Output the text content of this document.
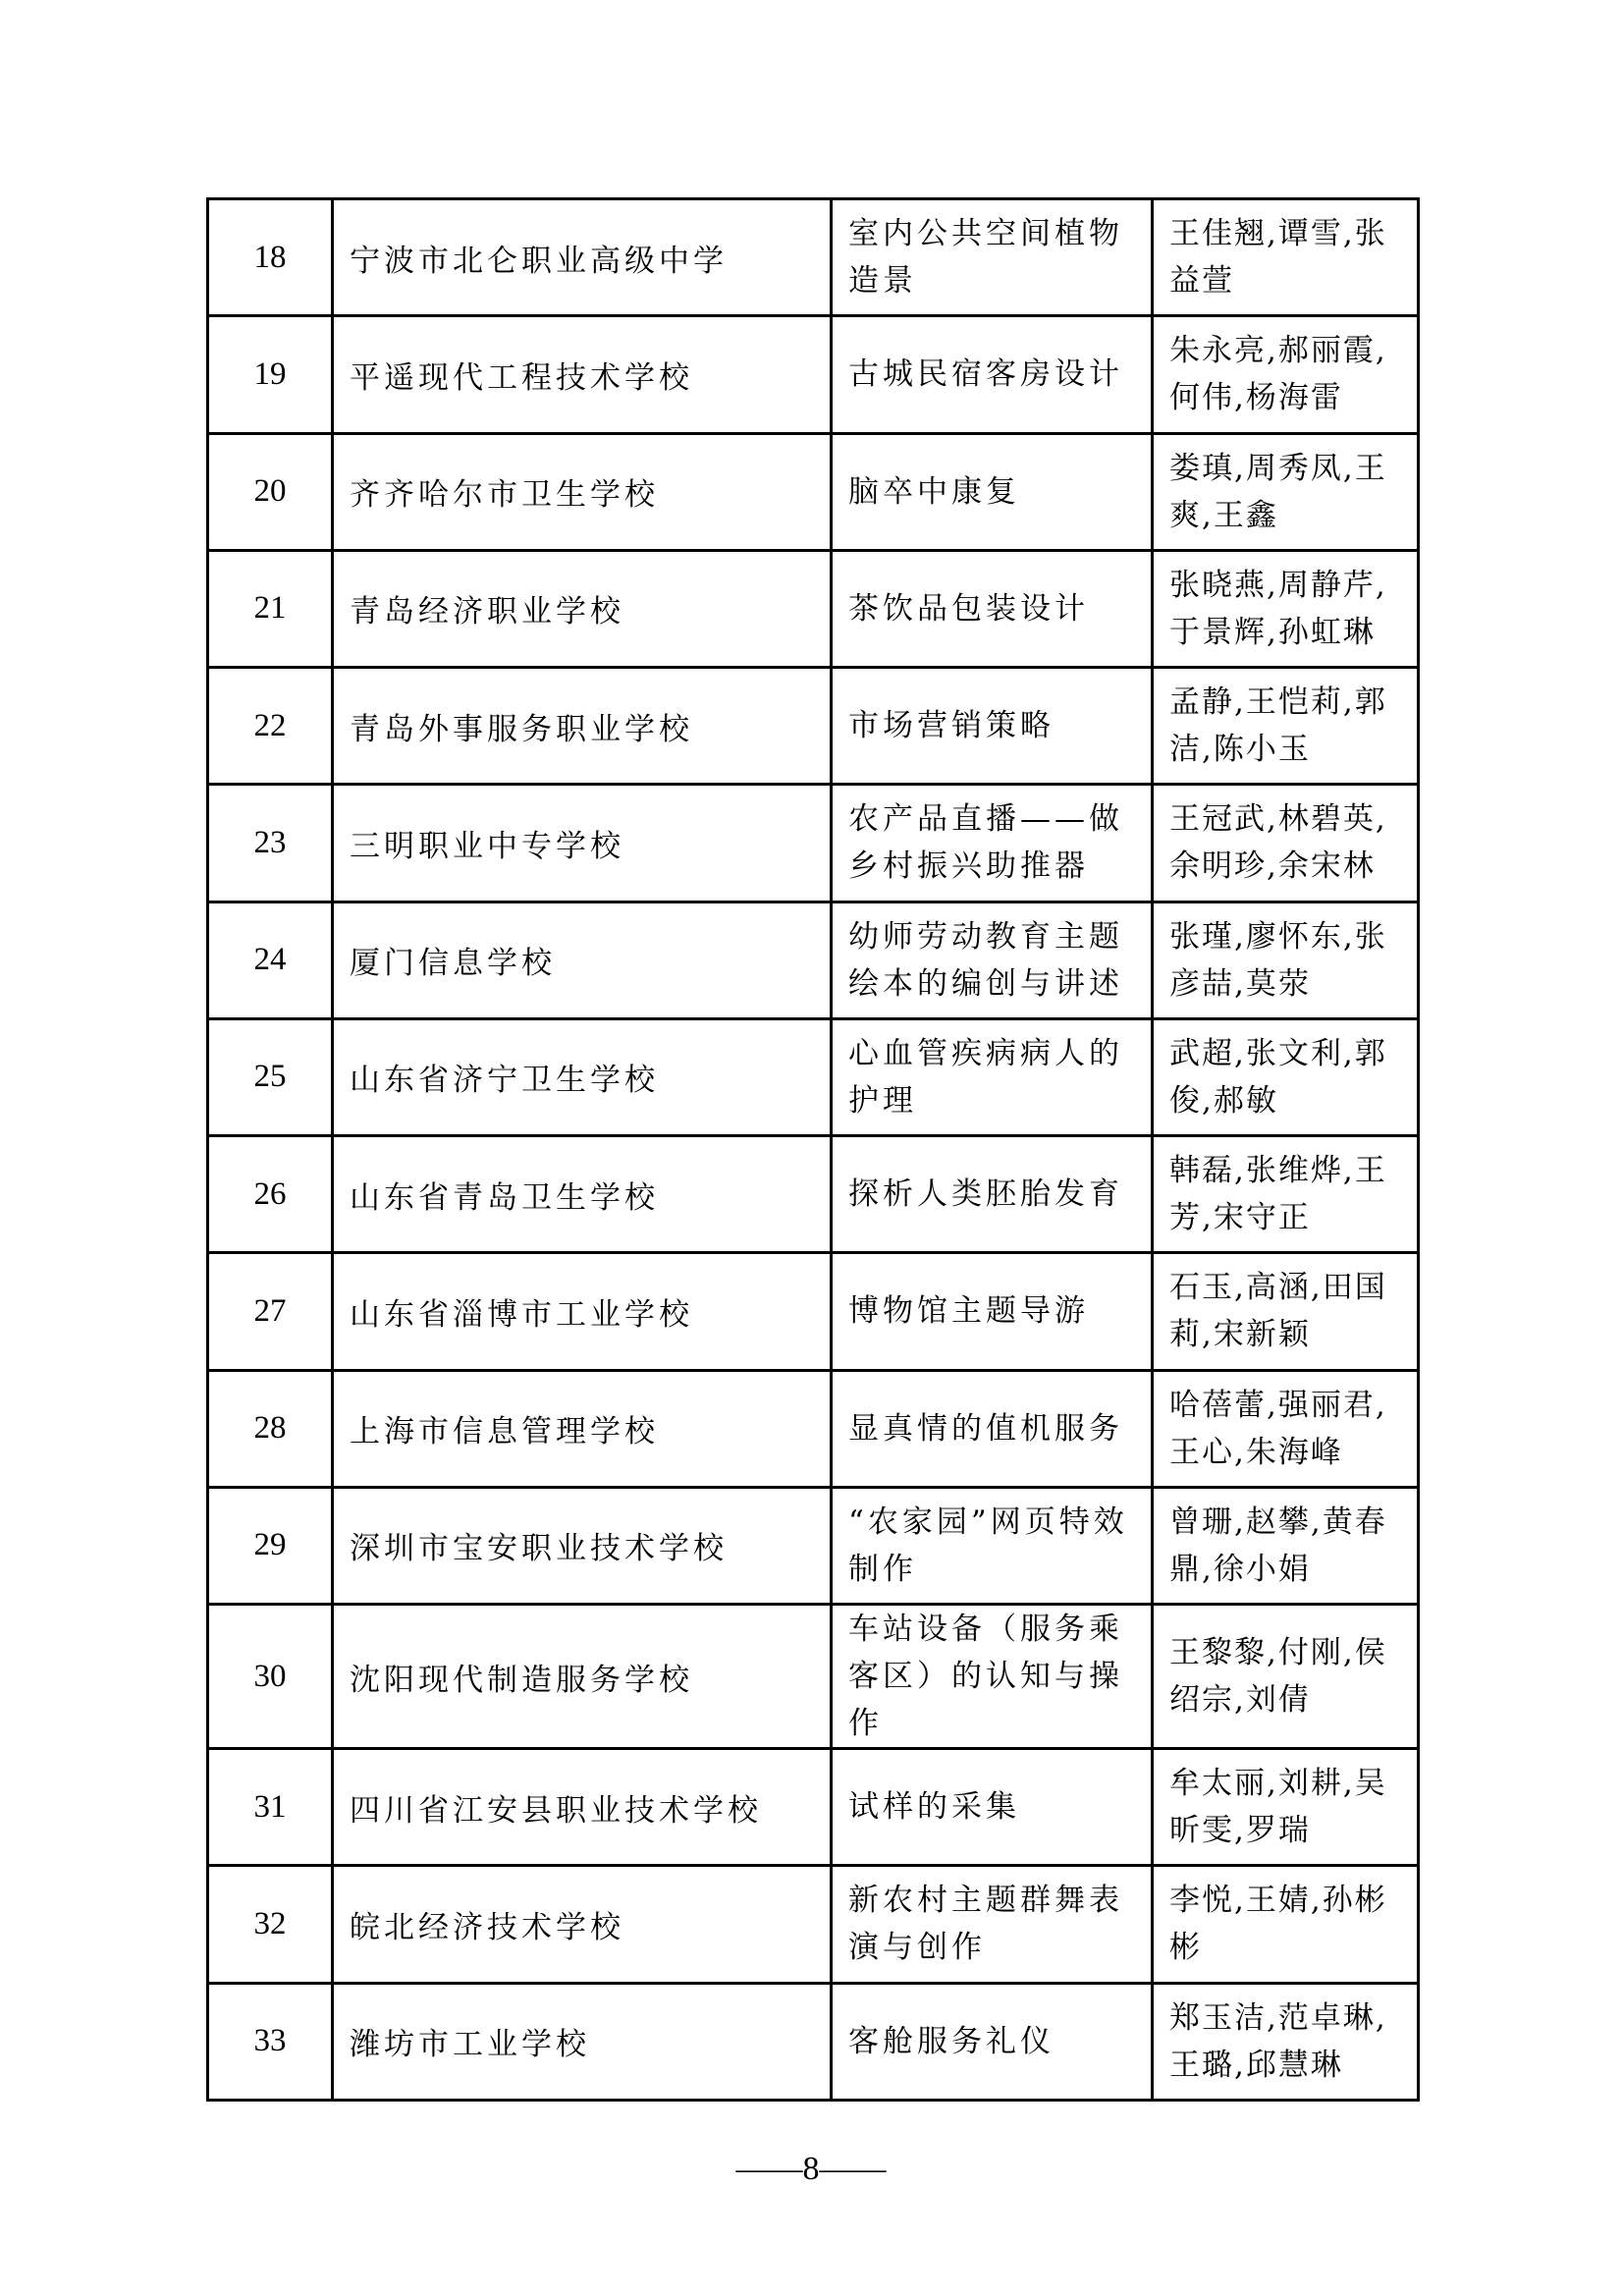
18	宁波市北仑职业高级中学	室内公共空间植物造景	王佳翘,谭雪,张益萱
19	平遥现代工程技术学校	古城民宿客房设计	朱永亮,郝丽霞,何伟,杨海雷
20	齐齐哈尔市卫生学校	脑卒中康复	娄瑱,周秀凤,王爽,王鑫
21	青岛经济职业学校	茶饮品包装设计	张晓燕,周静芹,于景辉,孙虹琳
22	青岛外事服务职业学校	市场营销策略	孟静,王恺莉,郭洁,陈小玉
23	三明职业中专学校	农产品直播——做乡村振兴助推器	王冠武,林碧英,余明珍,余宋林
24	厦门信息学校	幼师劳动教育主题绘本的编创与讲述	张瑾,廖怀东,张彦喆,莫荥
25	山东省济宁卫生学校	心血管疾病病人的护理	武超,张文利,郭俊,郝敏
26	山东省青岛卫生学校	探析人类胚胎发育	韩磊,张维烨,王芳,宋守正
27	山东省淄博市工业学校	博物馆主题导游	石玉,高涵,田国莉,宋新颖
28	上海市信息管理学校	显真情的值机服务	哈蓓蕾,强丽君,王心,朱海峰
29	深圳市宝安职业技术学校	“农家园”网页特效制作	曾珊,赵攀,黄春鼎,徐小娟
30	沈阳现代制造服务学校	车站设备（服务乘客区）的认知与操作	王黎黎,付刚,侯绍宗,刘倩
31	四川省江安县职业技术学校	试样的采集	牟太丽,刘耕,吴昕雯,罗瑞
32	皖北经济技术学校	新农村主题群舞表演与创作	李悦,王婧,孙彬彬
33	潍坊市工业学校	客舱服务礼仪	郑玉洁,范卓琳,王璐,邱慧琳
——8——
